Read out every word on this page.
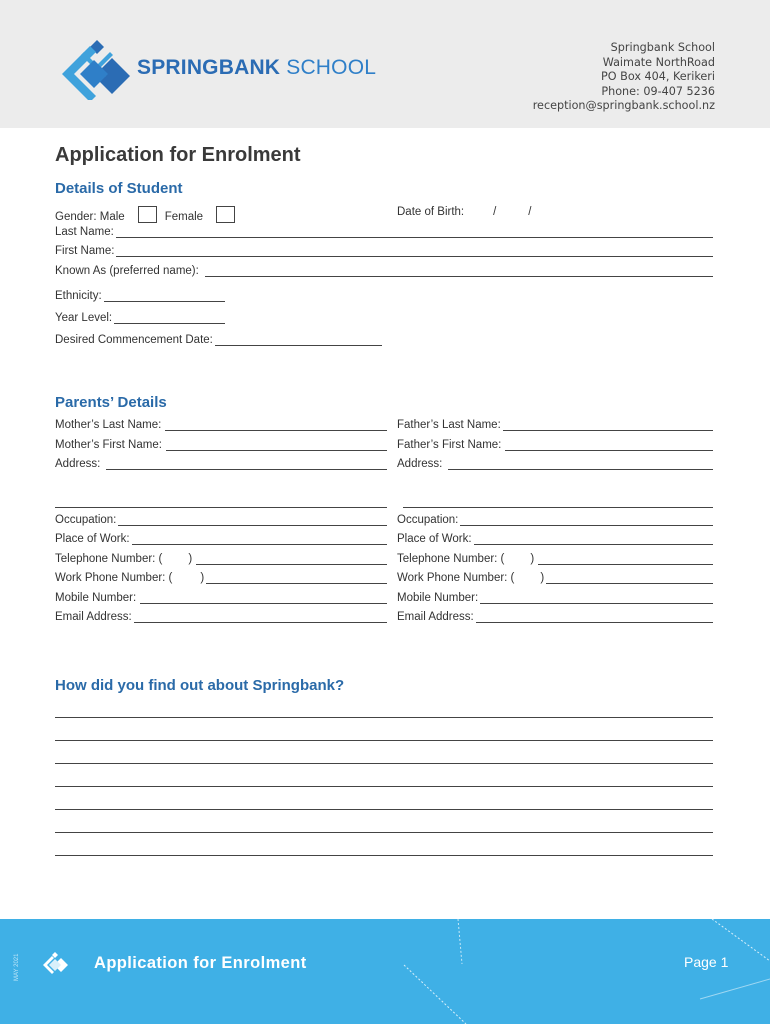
SPRINGBANK SCHOOL
Springbank School
Waimate NorthRoad
PO Box 404, Kerikeri
Phone: 09-407 5236
reception@springbank.school.nz
Application for Enrolment
Details of Student
Gender: Male	Female	Date of Birth:	/          /
Last Name:
First Name:
Known As (preferred name):
Ethnicity:
Year Level:
Desired Commencement Date:
Parents’ Details
Mother’s Last Name:
Mother’s First Name:
Address:
Occupation:
Place of Work:
Telephone Number: ( )
Work Phone Number: ( )
Mobile Number:
Email Address:
Father’s Last Name:
Father’s First Name:
Address:
Occupation:
Place of Work:
Telephone Number: ( )
Work Phone Number: ( )
Mobile Number:
Email Address:
How did you find out about Springbank?
MAY 2021	Application for Enrolment	Page 1
